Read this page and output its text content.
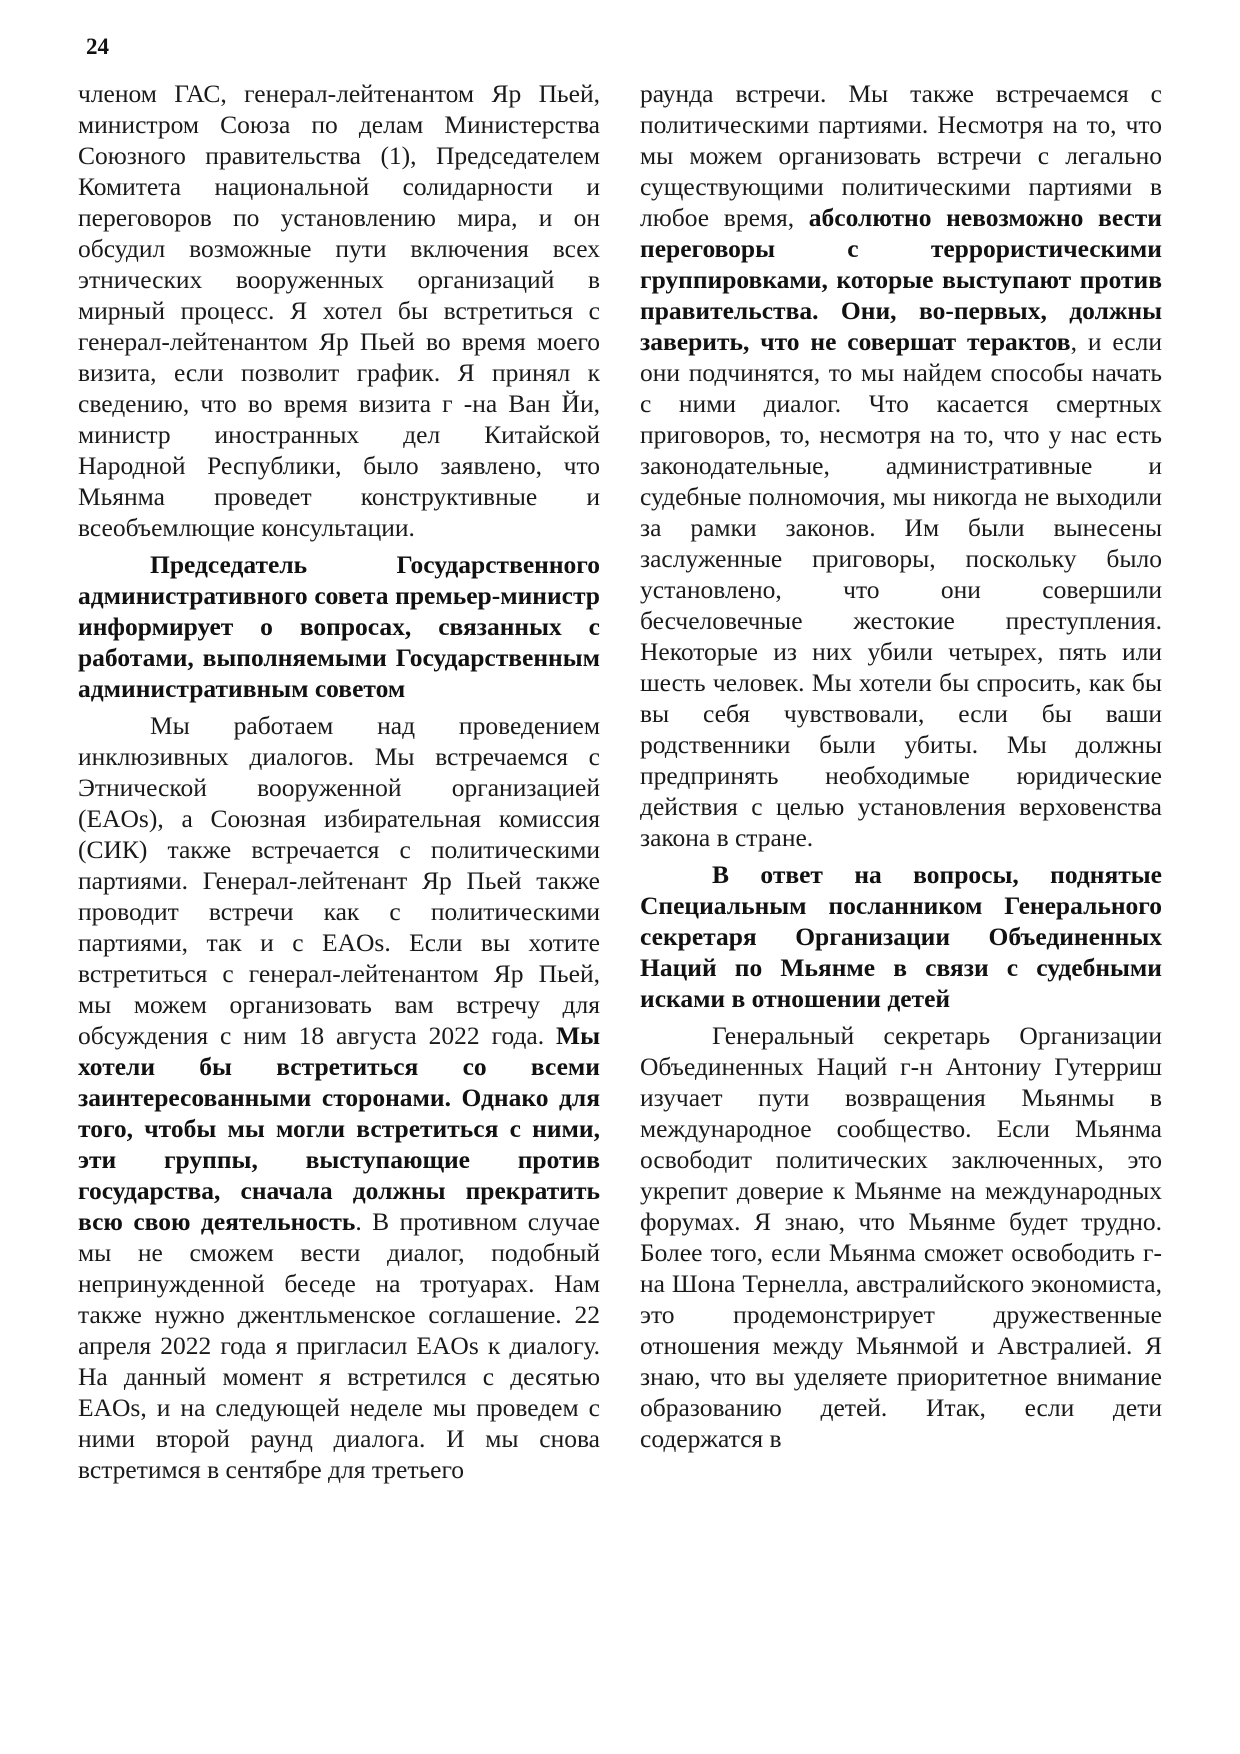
24

членом ГАС, генерал-лейтенантом Яр Пьей, министром Союза по делам Министерства Союзного правительства (1), Председателем Комитета национальной солидарности и переговоров по установлению мира, и он обсудил возможные пути включения всех этнических вооруженных организаций в мирный процесс. Я хотел бы встретиться с генерал-лейтенантом Яр Пьей во время моего визита, если позволит график. Я принял к сведению, что во время визита г -на Ван Йи, министр иностранных дел Китайской Народной Республики, было заявлено, что Мьянма проведет конструктивные и всеобъемлющие консультации.

Председатель Государственного административного совета премьер-министр информирует о вопросах, связанных с работами, выполняемыми Государственным административным советом

Мы работаем над проведением инклюзивных диалогов. Мы встречаемся с Этнической вооруженной организацией (EAOs), а Союзная избирательная комиссия (СИК) также встречается с политическими партиями. Генерал-лейтенант Яр Пьей также проводит встречи как с политическими партиями, так и с EAOs. Если вы хотите встретиться с генерал-лейтенантом Яр Пьей, мы можем организовать вам встречу для обсуждения с ним 18 августа 2022 года. Мы хотели бы встретиться со всеми заинтересованными сторонами. Однако для того, чтобы мы могли встретиться с ними, эти группы, выступающие против государства, сначала должны прекратить всю свою деятельность. В противном случае мы не сможем вести диалог, подобный непринужденной беседе на тротуарах. Нам также нужно джентльменское соглашение. 22 апреля 2022 года я пригласил EAOs к диалогу. На данный момент я встретился с десятью EAOs, и на следующей неделе мы проведем с ними второй раунд диалога. И мы снова встретимся в сентябре для третьего

раунда встречи. Мы также встречаемся с политическими партиями. Несмотря на то, что мы можем организовать встречи с легально существующими политическими партиями в любое время, абсолютно невозможно вести переговоры с террористическими группировками, которые выступают против правительства. Они, во-первых, должны заверить, что не совершат терактов, и если они подчинятся, то мы найдем способы начать с ними диалог. Что касается смертных приговоров, то, несмотря на то, что у нас есть законодательные, административные и судебные полномочия, мы никогда не выходили за рамки законов. Им были вынесены заслуженные приговоры, поскольку было установлено, что они совершили бесчеловечные жестокие преступления. Некоторые из них убили четырех, пять или шесть человек. Мы хотели бы спросить, как бы вы себя чувствовали, если бы ваши родственники были убиты. Мы должны предпринять необходимые юридические действия с целью установления верховенства закона в стране.

В ответ на вопросы, поднятые Специальным посланником Генерального секретаря Организации Объединенных Наций по Мьянме в связи с судебными исками в отношении детей

Генеральный секретарь Организации Объединенных Наций г-н Антониу Гутерриш изучает пути возвращения Мьянмы в международное сообщество. Если Мьянма освободит политических заключенных, это укрепит доверие к Мьянме на международных форумах. Я знаю, что Мьянме будет трудно. Более того, если Мьянма сможет освободить г-на Шона Тернелла, австралийского экономиста, это продемонстрирует дружественные отношения между Мьянмой и Австралией. Я знаю, что вы уделяете приоритетное внимание образованию детей. Итак, если дети содержатся в
